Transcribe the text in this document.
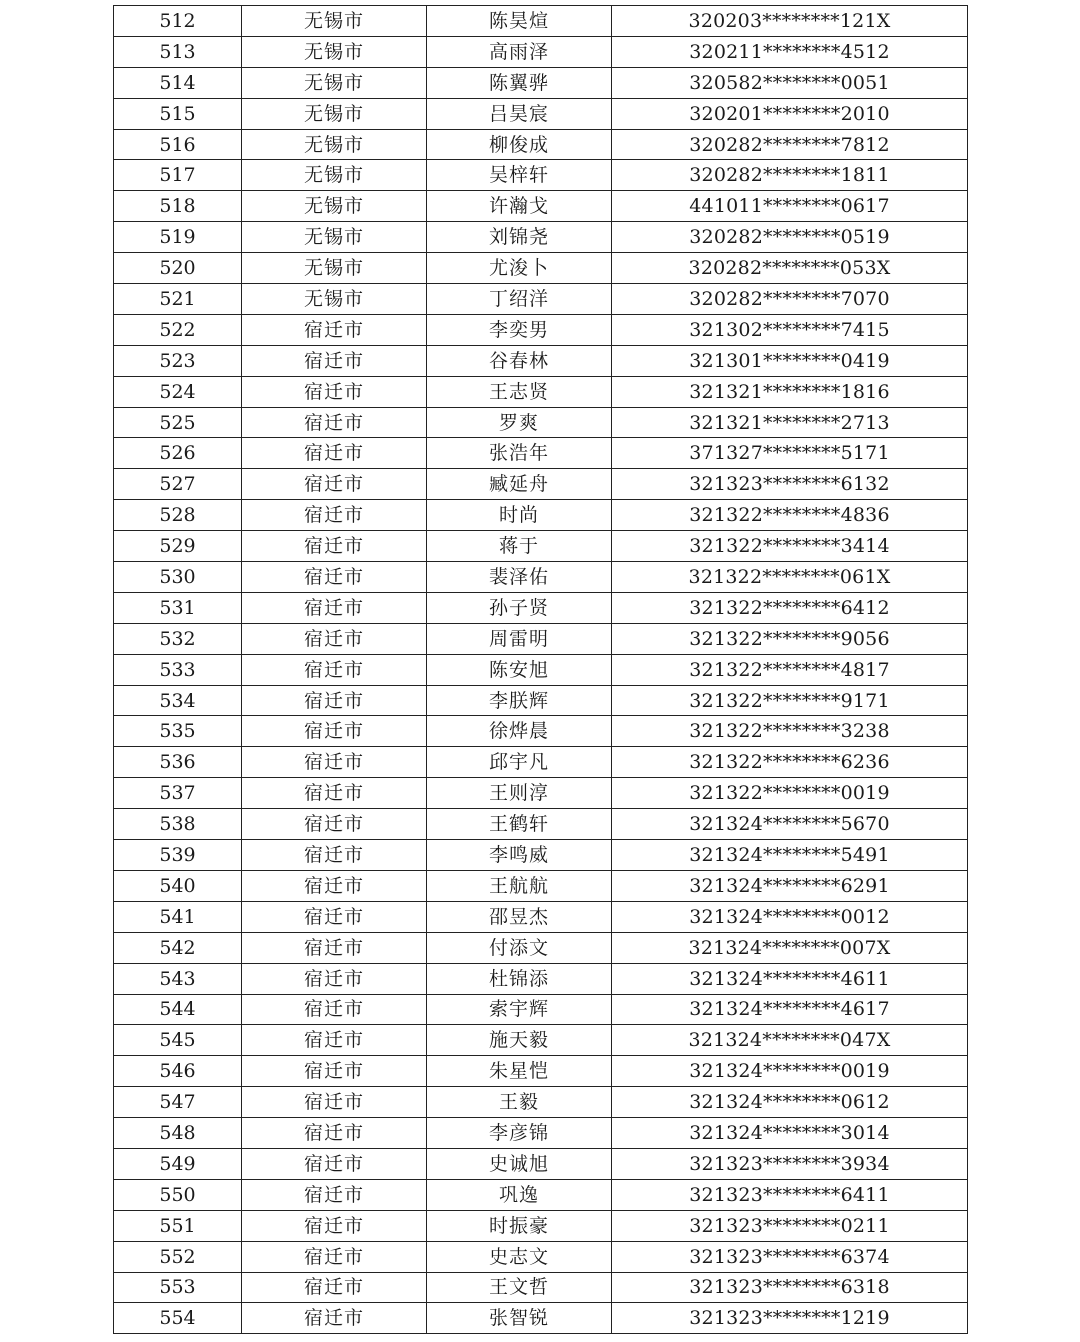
512	无锡市	陈昊煊	320203********121X
513	无锡市	高雨泽	320211********4512
514	无锡市	陈翼骅	320582********0051
515	无锡市	吕昊宸	320201********2010
516	无锡市	柳俊成	320282********7812
517	无锡市	吴梓轩	320282********1811
518	无锡市	许瀚戈	441011********0617
519	无锡市	刘锦尧	320282********0519
520	无锡市	尤浚卜	320282********053X
521	无锡市	丁绍洋	320282********7070
522	宿迁市	李奕男	321302********7415
523	宿迁市	谷春林	321301********0419
524	宿迁市	王志贤	321321********1816
525	宿迁市	罗爽	321321********2713
526	宿迁市	张浩年	371327********5171
527	宿迁市	臧延舟	321323********6132
528	宿迁市	时尚	321322********4836
529	宿迁市	蒋于	321322********3414
530	宿迁市	裴泽佑	321322********061X
531	宿迁市	孙子贤	321322********6412
532	宿迁市	周雷明	321322********9056
533	宿迁市	陈安旭	321322********4817
534	宿迁市	李朕辉	321322********9171
535	宿迁市	徐烨晨	321322********3238
536	宿迁市	邱宇凡	321322********6236
537	宿迁市	王则淳	321322********0019
538	宿迁市	王鹤轩	321324********5670
539	宿迁市	李鸣威	321324********5491
540	宿迁市	王航航	321324********6291
541	宿迁市	邵昱杰	321324********0012
542	宿迁市	付添文	321324********007X
543	宿迁市	杜锦添	321324********4611
544	宿迁市	索宇辉	321324********4617
545	宿迁市	施天毅	321324********047X
546	宿迁市	朱星恺	321324********0019
547	宿迁市	王毅	321324********0612
548	宿迁市	李彦锦	321324********3014
549	宿迁市	史诚旭	321323********3934
550	宿迁市	巩逸	321323********6411
551	宿迁市	时振豪	321323********0211
552	宿迁市	史志文	321323********6374
553	宿迁市	王文哲	321323********6318
554	宿迁市	张智锐	321323********1219
